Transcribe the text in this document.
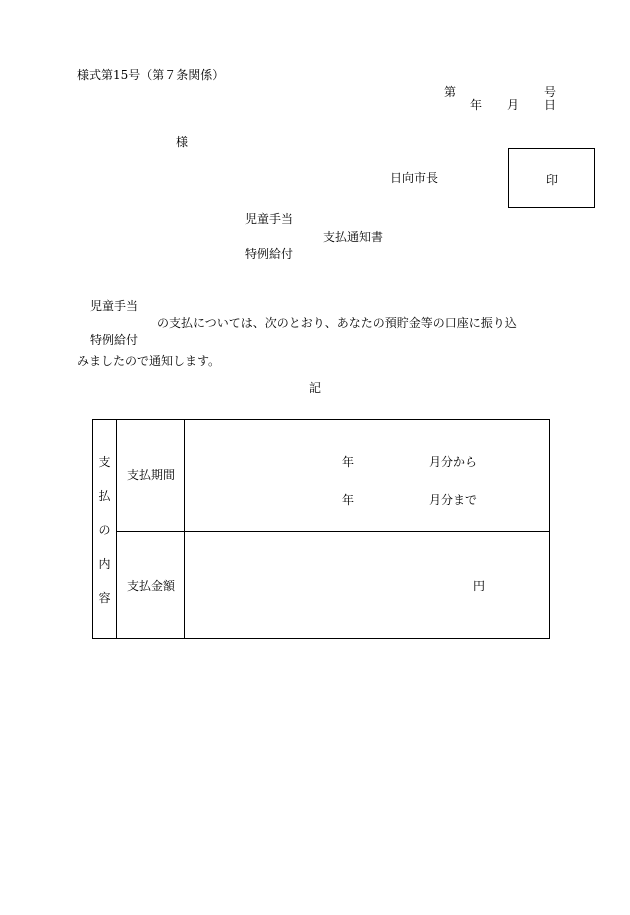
様式第15号（第７条関係）
第	号
年 月 日
様
日向市長	印
児童手当
支払通知書
特例給付
児童手当
の支払については、次のとおり、あなたの預貯金等の口座に振り込
特例給付
みましたので通知します。
記
支
払
の
内
容	支払期間	年 月分から
年 月分まで

	支払金額	円
